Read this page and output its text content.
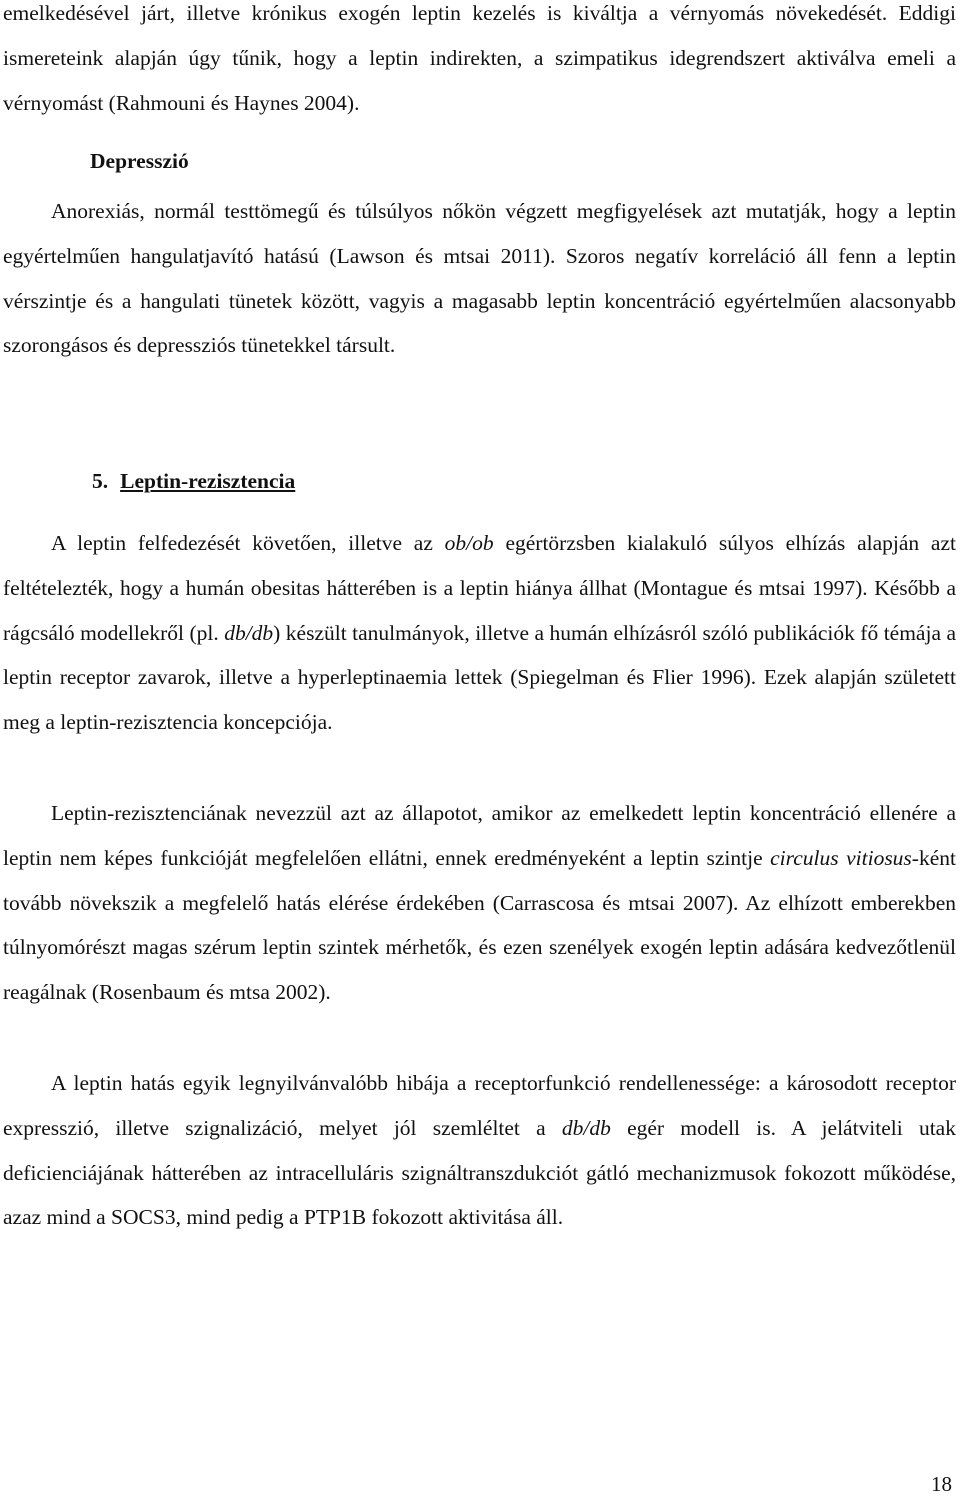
emelkedésével járt, illetve krónikus exogén leptin kezelés is kiváltja a vérnyomás növekedését. Eddigi ismereteink alapján úgy tűnik, hogy a leptin indirekten, a szimpatikus idegrendszert aktiválva emeli a vérnyomást (Rahmouni és Haynes 2004).

Depresszió

Anorexiás, normál testtömegű és túlsúlyos nőkön végzett megfigyelések azt mutatják, hogy a leptin egyértelműen hangulatjavító hatású (Lawson és mtsai 2011). Szoros negatív korreláció áll fenn a leptin vérszintje és a hangulati tünetek között, vagyis a magasabb leptin koncentráció egyértelműen alacsonyabb szorongásos és depressziós tünetekkel társult.

5. Leptin-rezisztencia

A leptin felfedezését követően, illetve az ob/ob egértörzsben kialakuló súlyos elhízás alapján azt feltételezték, hogy a humán obesitas hátterében is a leptin hiánya állhat (Montague és mtsai 1997). Később a rágcsáló modellekről (pl. db/db) készült tanulmányok, illetve a humán elhízásról szóló publikációk fő témája a leptin receptor zavarok, illetve a hyperleptinaemia lettek (Spiegelman és Flier 1996). Ezek alapján született meg a leptin-rezisztencia koncepciója.

Leptin-rezisztenciának nevezzül azt az állapotot, amikor az emelkedett leptin koncentráció ellenére a leptin nem képes funkcióját megfelelően ellátni, ennek eredményeként a leptin szintje circulus vitiosus-ként tovább növekszik a megfelelő hatás elérése érdekében (Carrascosa és mtsai 2007). Az elhízott emberekben túlnyomórészt magas szérum leptin szintek mérhetők, és ezen szenélyek exogén leptin adására kedvezőtlenül reagálnak (Rosenbaum és mtsa 2002).

A leptin hatás egyik legnyilvánvalóbb hibája a receptorfunkció rendellenessége: a károsodott receptor expresszió, illetve szignalizáció, melyet jól szemléltet a db/db egér modell is. A jelátviteli utak deficienciájának hátterében az intracelluláris szignáltranszdukciót gátló mechanizmusok fokozott működése, azaz mind a SOCS3, mind pedig a PTP1B fokozott aktivitása áll.

18
